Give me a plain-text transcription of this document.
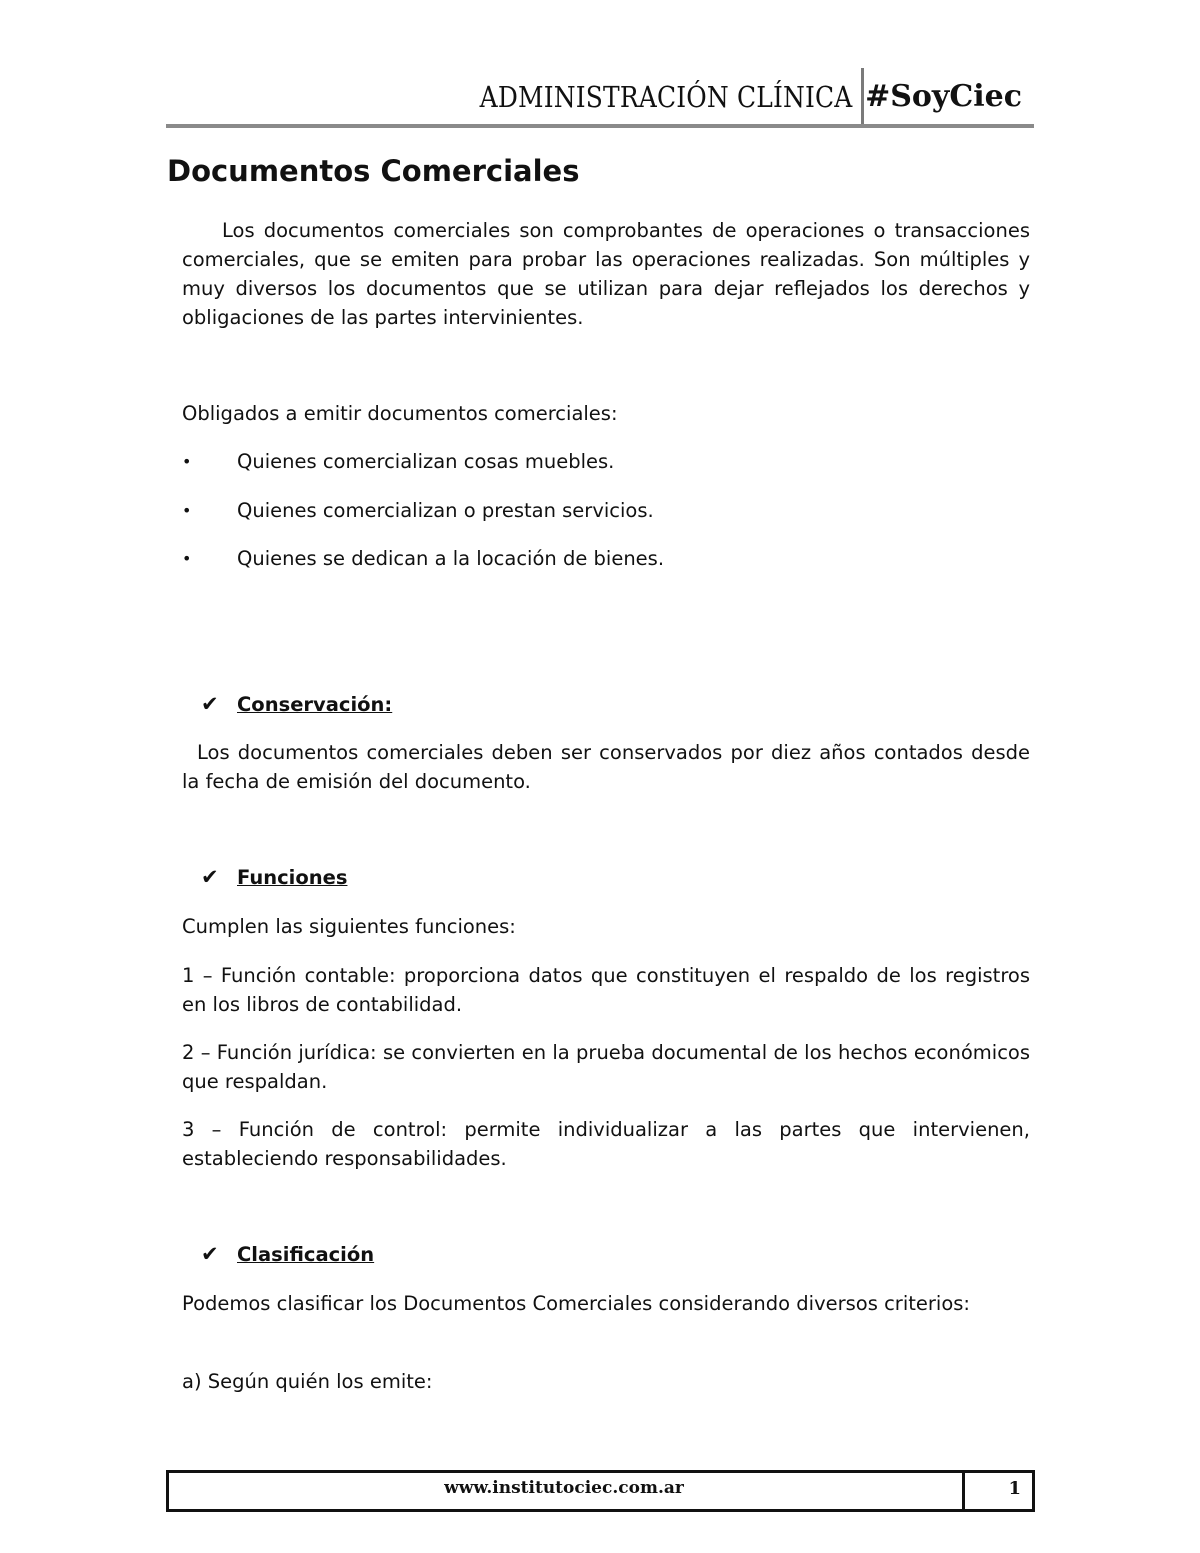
ADMINISTRACIÓN CLÍNICA #SoyCiec
Documentos Comerciales
Los documentos comerciales son comprobantes de operaciones o transacciones comerciales, que se emiten para probar las operaciones realizadas. Son múltiples y muy diversos los documentos que se utilizan para dejar reflejados los derechos y obligaciones de las partes intervinientes.
Obligados a emitir documentos comerciales:
•	Quienes comercializan cosas muebles.
•	Quienes comercializan o prestan servicios.
•	Quienes se dedican a la locación de bienes.
✔ Conservación:
Los documentos comerciales deben ser conservados por diez años contados desde la fecha de emisión del documento.
✔ Funciones
Cumplen las siguientes funciones:
1 – Función contable: proporciona datos que constituyen el respaldo de los registros en los libros de contabilidad.
2 – Función jurídica: se convierten en la prueba documental de los hechos económicos que respaldan.
3 – Función de control: permite individualizar a las partes que intervienen, estableciendo responsabilidades.
✔ Clasificación
Podemos clasificar los Documentos Comerciales considerando diversos criterios:
a) Según quién los emite:
www.institutociec.com.ar	1
